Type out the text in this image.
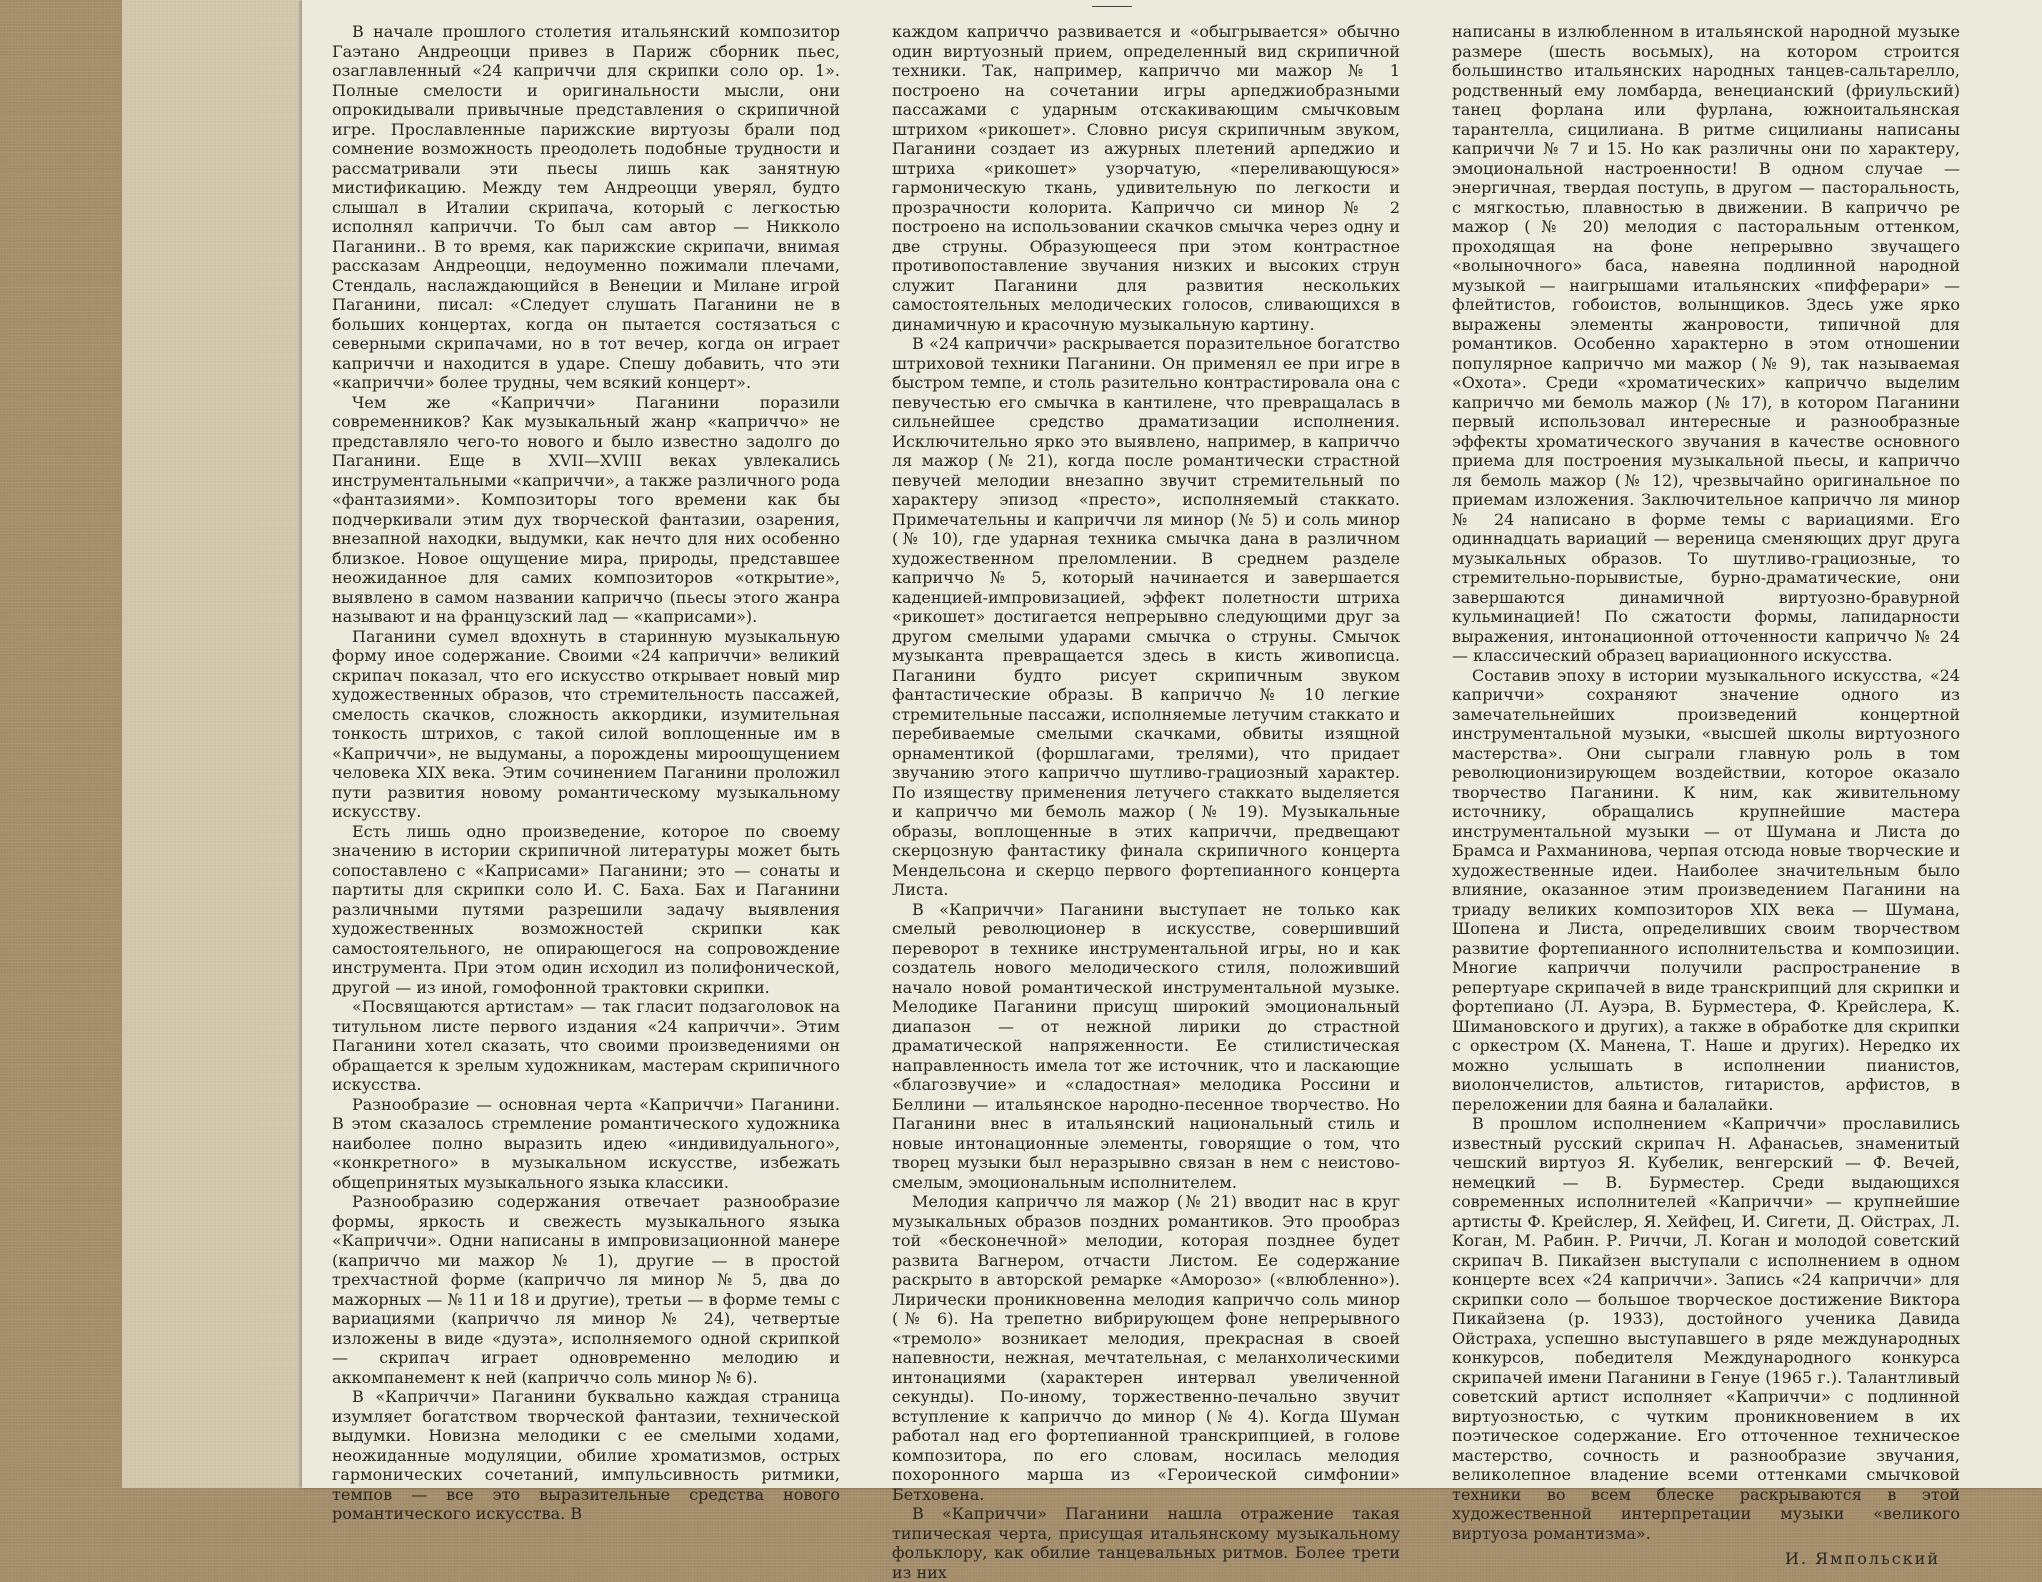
В начале прошлого столетия итальянский композитор Гаэтано Андреоцци привез в Париж сборник пьес, озаглавленный «24 каприччи для скрипки соло ор. 1». Полные смелости и оригинальности мысли, они опрокидывали привычные представления о скрипичной игре. Прославленные парижские виртуозы брали под сомнение возможность преодолеть подобные трудности и рассматривали эти пьесы лишь как занятную мистификацию. Между тем Андреоцци уверял, будто слышал в Италии скрипача, который с легкостью исполнял каприччи. То был сам автор — Никколо Паганини.. В то время, как парижские скрипачи, внимая рассказам Андреоцци, недоуменно пожимали плечами, Стендаль, наслаждающийся в Венеции и Милане игрой Паганини, писал: «Следует слушать Паганини не в больших концертах, когда он пытается состязаться с северными скрипачами, но в тот вечер, когда он играет каприччи и находится в ударе. Спешу добавить, что эти «каприччи» более трудны, чем всякий концерт».

Чем же «Каприччи» Паганини поразили современников? Как музыкальный жанр «каприччо» не представляло чего-то нового и было известно задолго до Паганини. Еще в XVII—XVIII веках увлекались инструментальными «каприччи», а также различного рода «фантазиями». Композиторы того времени как бы подчеркивали этим дух творческой фантазии, озарения, внезапной находки, выдумки, как нечто для них особенно близкое. Новое ощущение мира, природы, представшее неожиданное для самих композиторов «открытие», выявлено в самом названии каприччо (пьесы этого жанра называют и на французский лад — «каприсами»).

Паганини сумел вдохнуть в старинную музыкальную форму иное содержание. Своими «24 каприччи» великий скрипач показал, что его искусство открывает новый мир художественных образов, что стремительность пассажей, смелость скачков, сложность аккордики, изумительная тонкость штрихов, с такой силой воплощенные им в «Каприччи», не выдуманы, а порождены мироощущением человека XIX века. Этим сочинением Паганини проложил пути развития новому романтическому музыкальному искусству.

Есть лишь одно произведение, которое по своему значению в истории скрипичной литературы может быть сопоставлено с «Каприсами» Паганини; это — сонаты и партиты для скрипки соло И. С. Баха. Бах и Паганини различными путями разрешили задачу выявления художественных возможностей скрипки как самостоятельного, не опирающегося на сопровождение инструмента. При этом один исходил из полифонической, другой — из иной, гомофонной трактовки скрипки.

«Посвящаются артистам» — так гласит подзаголовок на титульном листе первого издания «24 каприччи». Этим Паганини хотел сказать, что своими произведениями он обращается к зрелым художникам, мастерам скрипичного искусства.

Разнообразие — основная черта «Каприччи» Паганини. В этом сказалось стремление романтического художника наиболее полно выразить идею «индивидуального», «конкретного» в музыкальном искусстве, избежать общепринятых музыкального языка классики.

Разнообразию содержания отвечает разнообразие формы, яркость и свежесть музыкального языка «Каприччи». Одни написаны в импровизационной манере (каприччо ми мажор № 1), другие — в простой трехчастной форме (каприччо ля минор № 5, два до мажорных — № 11 и 18 и другие), третьи — в форме темы с вариациями (каприччо ля минор № 24), четвертые изложены в виде «дуэта», исполняемого одной скрипкой — скрипач играет одновременно мелодию и аккомпанемент к ней (каприччо соль минор № 6).

В «Каприччи» Паганини буквально каждая страница изумляет богатством творческой фантазии, технической выдумки. Новизна мелодики с ее смелыми ходами, неожиданные модуляции, обилие хроматизмов, острых гармонических сочетаний, импульсивность ритмики, темпов — все это выразительные средства нового романтического искусства. В

каждом каприччо развивается и «обыгрывается» обычно один виртуозный прием, определенный вид скрипичной техники. Так, например, каприччо ми мажор № 1 построено на сочетании игры арпеджиобразными пассажами с ударным отскакивающим смычковым штрихом «рикошет». Словно рисуя скрипичным звуком, Паганини создает из ажурных плетений арпеджио и штриха «рикошет» узорчатую, «переливающуюся» гармоническую ткань, удивительную по легкости и прозрачности колорита. Каприччо си минор № 2 построено на использовании скачков смычка через одну и две струны. Образующееся при этом контрастное противопоставление звучания низких и высоких струн служит Паганини для развития нескольких самостоятельных мелодических голосов, сливающихся в динамичную и красочную музыкальную картину.

В «24 каприччи» раскрывается поразительное богатство штриховой техники Паганини. Он применял ее при игре в быстром темпе, и столь разительно контрастировала она с певучестью его смычка в кантилене, что превращалась в сильнейшее средство драматизации исполнения. Исключительно ярко это выявлено, например, в каприччо ля мажор (№ 21), когда после романтически страстной певучей мелодии внезапно звучит стремительный по характеру эпизод «престо», исполняемый стаккато. Примечательны и каприччи ля минор (№ 5) и соль минор (№ 10), где ударная техника смычка дана в различном художественном преломлении. В среднем разделе каприччо № 5, который начинается и завершается каденцией-импровизацией, эффект полетности штриха «рикошет» достигается непрерывно следующими друг за другом смелыми ударами смычка о струны. Смычок музыканта превращается здесь в кисть живописца. Паганини будто рисует скрипичным звуком фантастические образы. В каприччо № 10 легкие стремительные пассажи, исполняемые летучим стаккато и перебиваемые смелыми скачками, обвиты изящной орнаментикой (форшлагами, трелями), что придает звучанию этого каприччо шутливо-грациозный характер. По изяществу применения летучего стаккато выделяется и каприччо ми бемоль мажор (№ 19). Музыкальные образы, воплощенные в этих каприччи, предвещают скерцозную фантастику финала скрипичного концерта Мендельсона и скерцо первого фортепианного концерта Листа.

В «Каприччи» Паганини выступает не только как смелый революционер в искусстве, совершивший переворот в технике инструментальной игры, но и как создатель нового мелодического стиля, положивший начало новой романтической инструментальной музыке. Мелодике Паганини присущ широкий эмоциональный диапазон — от нежной лирики до страстной драматической напряженности. Ее стилистическая направленность имела тот же источник, что и ласкающие «благозвучие» и «сладостная» мелодика Россини и Беллини — итальянское народно-песенное творчество. Но Паганини внес в итальянский национальный стиль и новые интонационные элементы, говорящие о том, что творец музыки был неразрывно связан в нем с неистово-смелым, эмоциональным исполнителем.

Мелодия каприччо ля мажор (№ 21) вводит нас в круг музыкальных образов поздних романтиков. Это прообраз той «бесконечной» мелодии, которая позднее будет развита Вагнером, отчасти Листом. Ее содержание раскрыто в авторской ремарке «Аморозо» («влюбленно»). Лирически проникновенна мелодия каприччо соль минор (№ 6). На трепетно вибрирующем фоне непрерывного «тремоло» возникает мелодия, прекрасная в своей напевности, нежная, мечтательная, с меланхолическими интонациями (характерен интервал увеличенной секунды). По-иному, торжественно-печально звучит вступление к каприччо до минор (№ 4). Когда Шуман работал над его фортепианной транскрипцией, в голове композитора, по его словам, носилась мелодия похоронного марша из «Героической симфонии» Бетховена.

В «Каприччи» Паганини нашла отражение такая типическая черта, присущая итальянскому музыкальному фольклору, как обилие танцевальных ритмов. Более трети из них

написаны в излюбленном в итальянской народной музыке размере (шесть восьмых), на котором строится большинство итальянских народных танцев-сальтарелло, родственный ему ломбарда, венецианский (фриульский) танец форлана или фурлана, южноитальянская тарантелла, сицилиана. В ритме сицилианы написаны каприччи № 7 и 15. Но как различны они по характеру, эмоциональной настроенности! В одном случае — энергичная, твердая поступь, в другом — пасторальность, с мягкостью, плавностью в движении. В каприччо ре мажор (№ 20) мелодия с пасторальным оттенком, проходящая на фоне непрерывно звучащего «волыночного» баса, навеяна подлинной народной музыкой — наигрышами итальянских «пифферари» — флейтистов, гобоистов, волынщиков. Здесь уже ярко выражены элементы жанровости, типичной для романтиков. Особенно характерно в этом отношении популярное каприччо ми мажор (№ 9), так называемая «Охота». Среди «хроматических» каприччо выделим каприччо ми бемоль мажор (№ 17), в котором Паганини первый использовал интересные и разнообразные эффекты хроматического звучания в качестве основного приема для построения музыкальной пьесы, и каприччо ля бемоль мажор (№ 12), чрезвычайно оригинальное по приемам изложения. Заключительное каприччо ля минор № 24 написано в форме темы с вариациями. Его одиннадцать вариаций — вереница сменяющих друг друга музыкальных образов. То шутливо-грациозные, то стремительно-порывистые, бурно-драматические, они завершаются динамичной виртуозно-бравурной кульминацией! По сжатости формы, лапидарности выражения, интонационной отточенности каприччо № 24 — классический образец вариационного искусства.

Составив эпоху в истории музыкального искусства, «24 каприччи» сохраняют значение одного из замечательнейших произведений концертной инструментальной музыки, «высшей школы виртуозного мастерства». Они сыграли главную роль в том революционизирующем воздействии, которое оказало творчество Паганини. К ним, как живительному источнику, обращались крупнейшие мастера инструментальной музыки — от Шумана и Листа до Брамса и Рахманинова, черпая отсюда новые творческие и художественные идеи. Наиболее значительным было влияние, оказанное этим произведением Паганини на триаду великих композиторов XIX века — Шумана, Шопена и Листа, определивших своим творчеством развитие фортепианного исполнительства и композиции. Многие каприччи получили распространение в репертуаре скрипачей в виде транскрипций для скрипки и фортепиано (Л. Ауэра, В. Бурместера, Ф. Крейслера, К. Шимановского и других), а также в обработке для скрипки с оркестром (Х. Манена, Т. Наше и других). Нередко их можно услышать в исполнении пианистов, виолончелистов, альтистов, гитаристов, арфистов, в переложении для баяна и балалайки.

В прошлом исполнением «Каприччи» прославились известный русский скрипач Н. Афанасьев, знаменитый чешский виртуоз Я. Кубелик, венгерский — Ф. Вечей, немецкий — В. Бурместер. Среди выдающихся современных исполнителей «Каприччи» — крупнейшие артисты Ф. Крейслер, Я. Хейфец, И. Сигети, Д. Ойстрах, Л. Коган, М. Рабин. Р. Риччи, Л. Коган и молодой советский скрипач В. Пикайзен выступали с исполнением в одном концерте всех «24 каприччи». Запись «24 каприччи» для скрипки соло — большое творческое достижение Виктора Пикайзена (р. 1933), достойного ученика Давида Ойстраха, успешно выступавшего в ряде международных конкурсов, победителя Международного конкурса скрипачей имени Паганини в Генуе (1965 г.). Талантливый советский артист исполняет «Каприччи» с подлинной виртуозностью, с чутким проникновением в их поэтическое содержание. Его отточенное техническое мастерство, сочность и разнообразие звучания, великолепное владение всеми оттенками смычковой техники во всем блеске раскрываются в этой художественной интерпретации музыки «великого виртуоза романтизма».

И. Ямпольский
